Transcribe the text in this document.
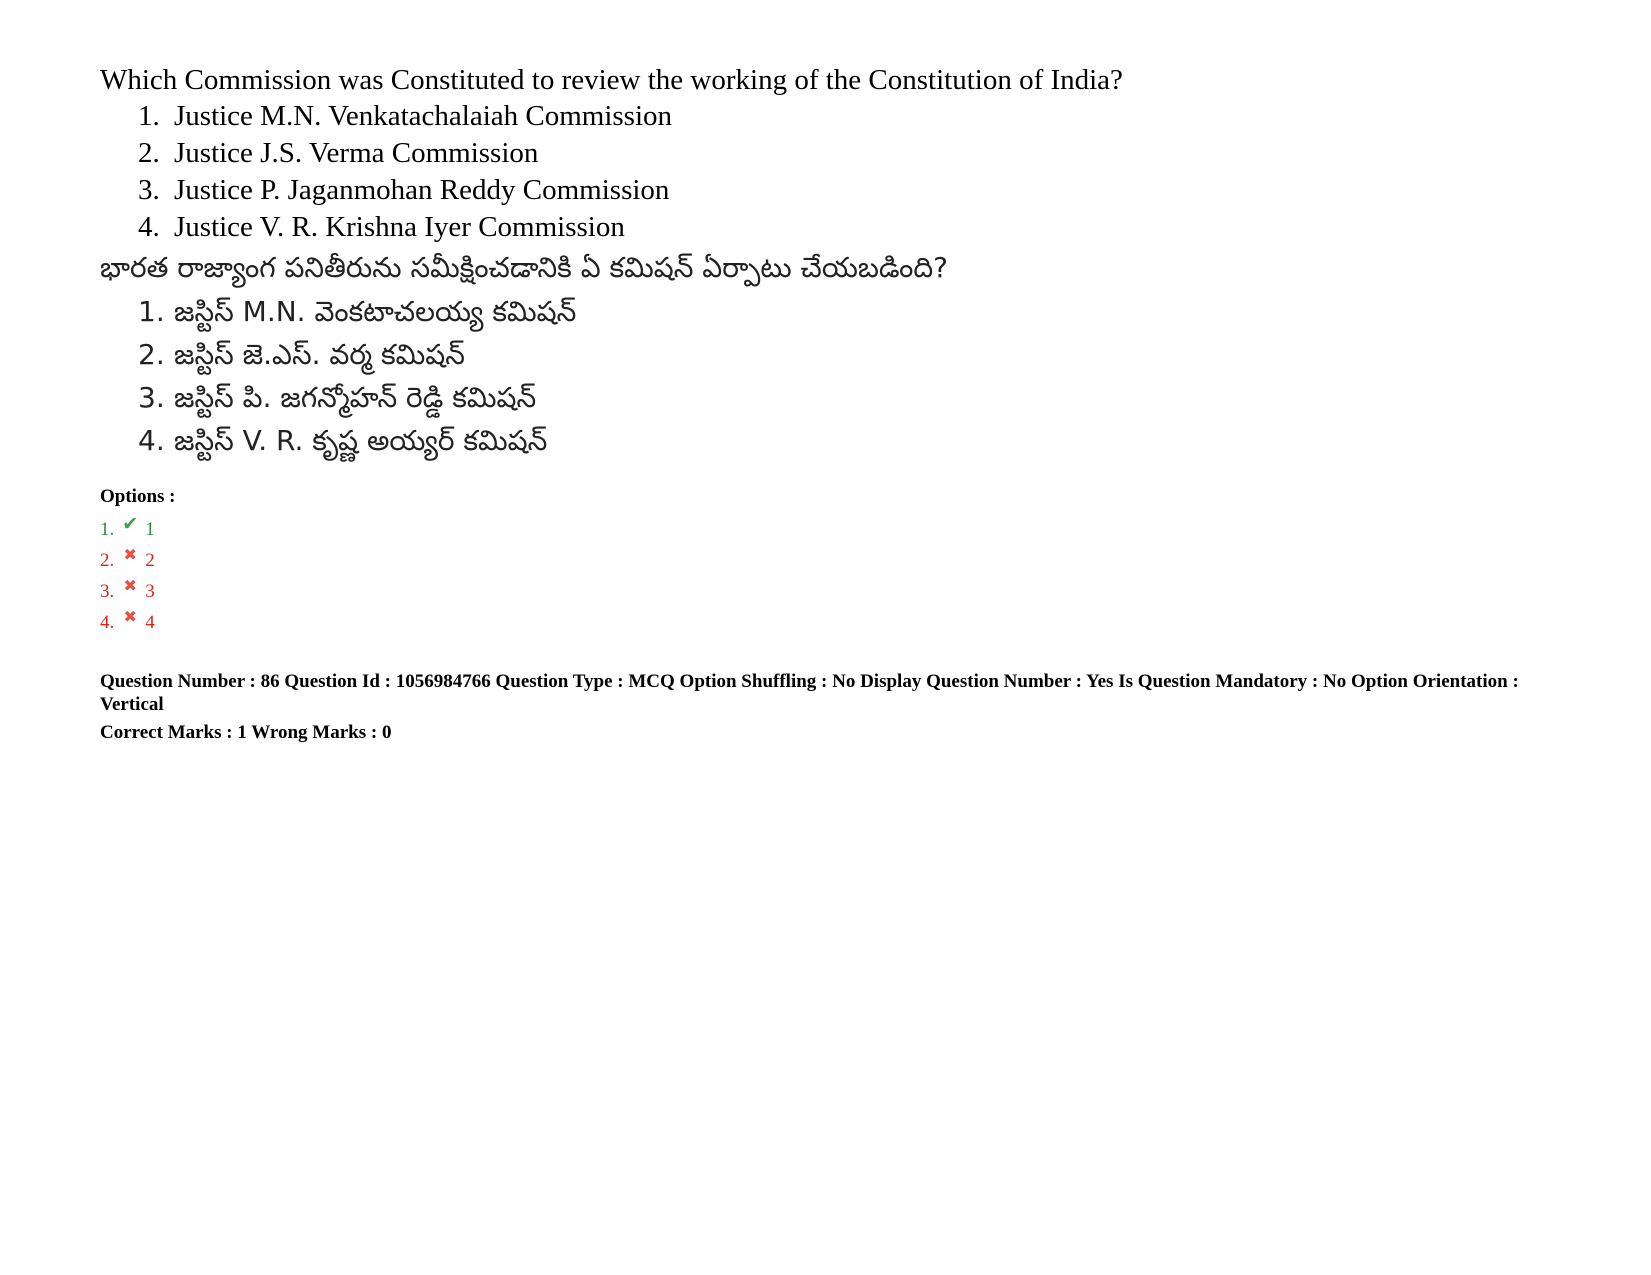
Which Commission was Constituted to review the working of the Constitution of India?

1. Justice M.N. Venkatachalaiah Commission
2. Justice J.S. Verma Commission
3. Justice P. Jaganmohan Reddy Commission
4. Justice V. R. Krishna Iyer Commission

భారత రాజ్యాంగ పనితీరును సమీక్షించడానికి ఏ కమిషన్ ఏర్పాటు చేయబడింది?

1. జస్టిస్ M.N. వెంకటాచలయ్య కమిషన్
2. జస్టిస్ జె.ఎస్. వర్మ కమిషన్
3. జస్టిస్ పి. జగన్మోహన్ రెడ్డి కమిషన్
4. జస్టిస్ V. R. కృష్ణ అయ్యర్ కమిషన్

Options :

1. ✔ 1
2. ✖ 2
3. ✖ 3
4. ✖ 4

Question Number : 86 Question Id : 1056984766 Question Type : MCQ Option Shuffling : No Display Question Number : Yes Is Question Mandatory : No Option Orientation : Vertical

Correct Marks : 1 Wrong Marks : 0
